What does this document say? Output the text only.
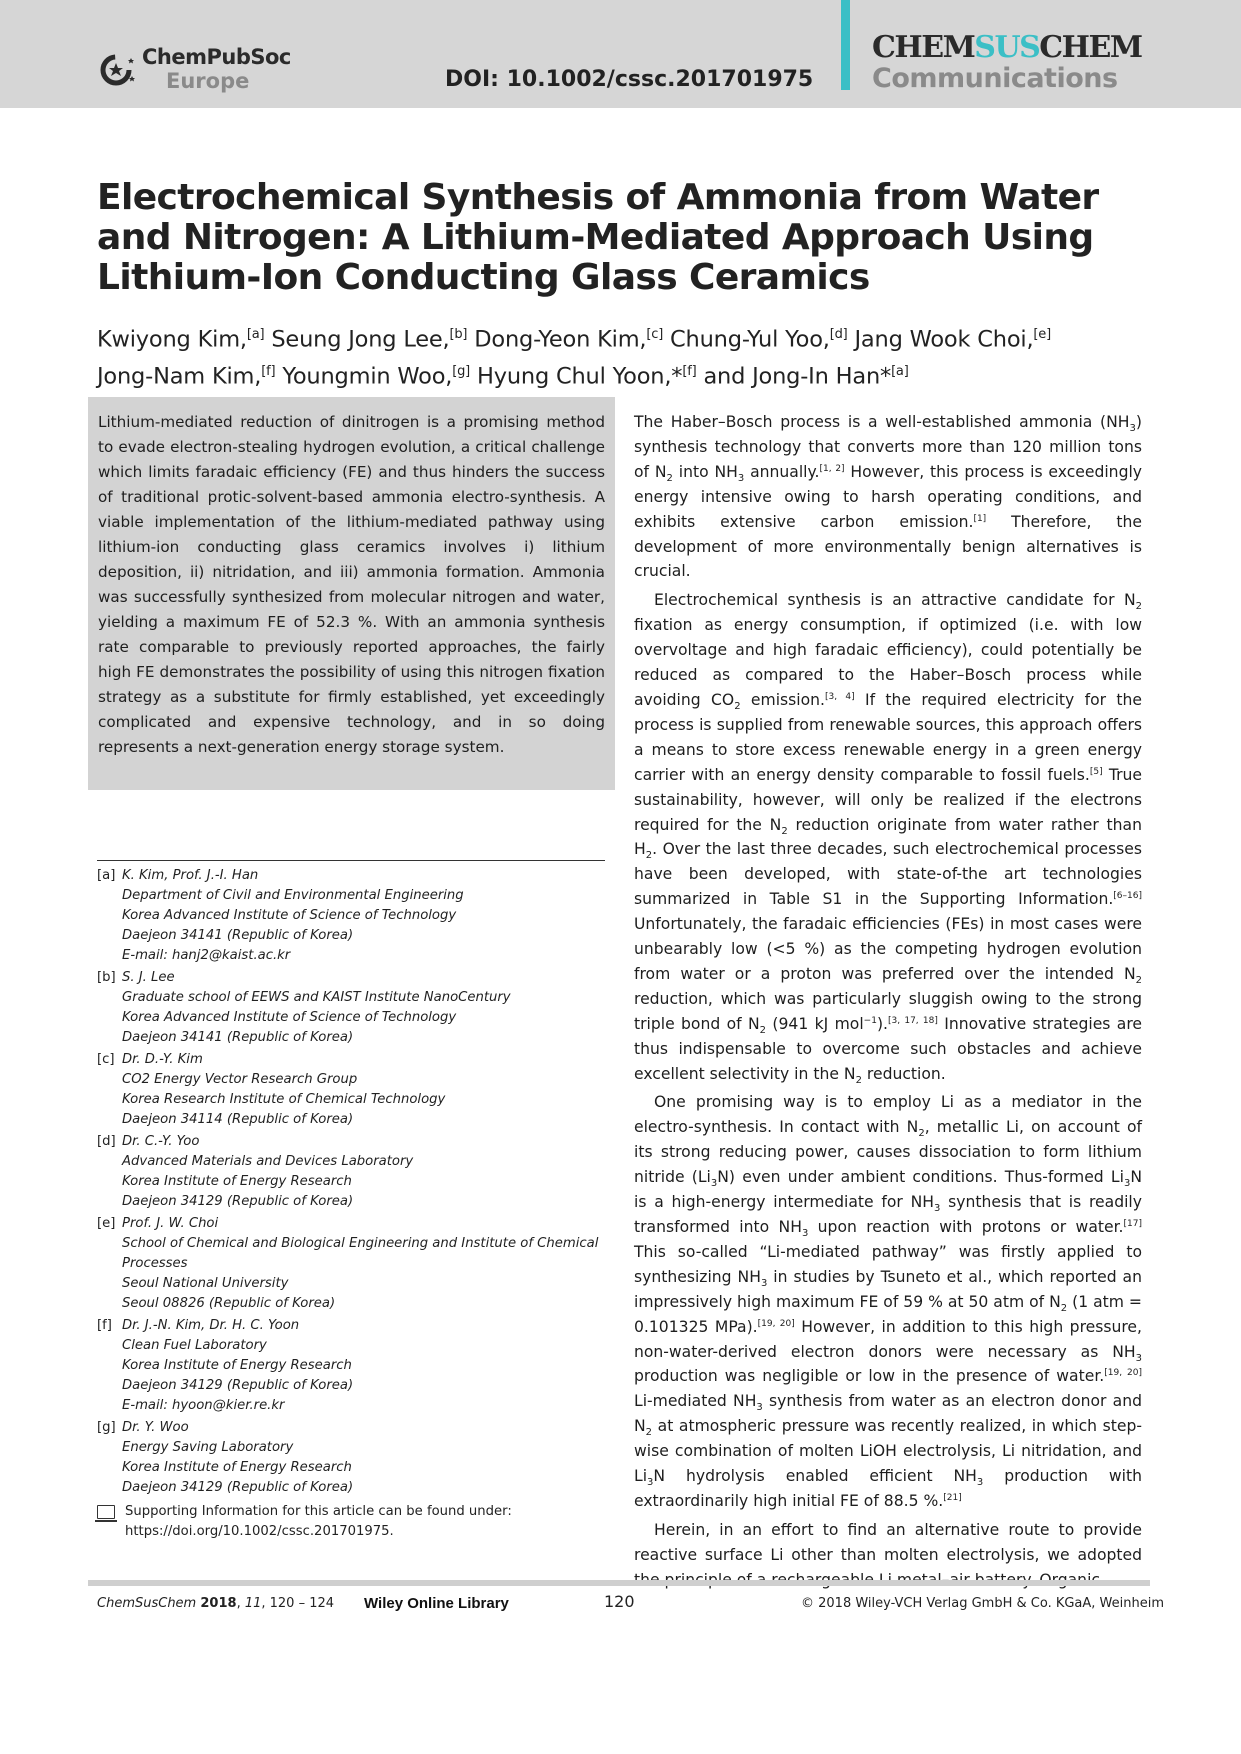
ChemPubSoc
Europe	DOI: 10.1002/cssc.201701975
CHEMSUSCHEM
Communications
Electrochemical Synthesis of Ammonia from Water and Nitrogen: A Lithium-Mediated Approach Using Lithium-Ion Conducting Glass Ceramics
Kwiyong Kim,[a] Seung Jong Lee,[b] Dong-Yeon Kim,[c] Chung-Yul Yoo,[d] Jang Wook Choi,[e]
Jong-Nam Kim,[f] Youngmin Woo,[g] Hyung Chul Yoon,*[f] and Jong-In Han*[a]
Lithium-mediated reduction of dinitrogen is a promising method to evade electron-stealing hydrogen evolution, a critical challenge which limits faradaic efficiency (FE) and thus hinders the success of traditional protic-solvent-based ammonia electro-synthesis. A viable implementation of the lithium-mediated pathway using lithium-ion conducting glass ceramics involves i) lithium deposition, ii) nitridation, and iii) ammonia formation. Ammonia was successfully synthesized from molecular nitrogen and water, yielding a maximum FE of 52.3 %. With an ammonia synthesis rate comparable to previously reported approaches, the fairly high FE demonstrates the possibility of using this nitrogen fixation strategy as a substitute for firmly established, yet exceedingly complicated and expensive technology, and in so doing represents a next-generation energy storage system.
[a] K. Kim, Prof. J.-I. Han
Department of Civil and Environmental Engineering
Korea Advanced Institute of Science of Technology
Daejeon 34141 (Republic of Korea)
E-mail: hanj2@kaist.ac.kr
[b] S. J. Lee
Graduate school of EEWS and KAIST Institute NanoCentury
Korea Advanced Institute of Science of Technology
Daejeon 34141 (Republic of Korea)
[c] Dr. D.-Y. Kim
CO2 Energy Vector Research Group
Korea Research Institute of Chemical Technology
Daejeon 34114 (Republic of Korea)
[d] Dr. C.-Y. Yoo
Advanced Materials and Devices Laboratory
Korea Institute of Energy Research
Daejeon 34129 (Republic of Korea)
[e] Prof. J. W. Choi
School of Chemical and Biological Engineering and Institute of Chemical Processes
Seoul National University
Seoul 08826 (Republic of Korea)
[f] Dr. J.-N. Kim, Dr. H. C. Yoon
Clean Fuel Laboratory
Korea Institute of Energy Research
Daejeon 34129 (Republic of Korea)
E-mail: hyoon@kier.re.kr
[g] Dr. Y. Woo
Energy Saving Laboratory
Korea Institute of Energy Research
Daejeon 34129 (Republic of Korea)
Supporting Information for this article can be found under:
https://doi.org/10.1002/cssc.201701975.

The Haber–Bosch process is a well-established ammonia $(NH_3)$ synthesis technology that converts more than 120 million tons of $N_2$ into $NH_3$ annually.[1, 2] However, this process is exceedingly energy intensive owing to harsh operating conditions, and exhibits extensive carbon emission.[1] Therefore, the development of more environmentally benign alternatives is crucial.

Electrochemical synthesis is an attractive candidate for $N_2$ fixation as energy consumption, if optimized (i.e. with low overvoltage and high faradaic efficiency), could potentially be reduced as compared to the Haber–Bosch process while avoiding $CO_2$ emission.[3, 4] If the required electricity for the process is supplied from renewable sources, this approach offers a means to store excess renewable energy in a green energy carrier with an energy density comparable to fossil fuels.[5] True sustainability, however, will only be realized if the electrons required for the $N_2$ reduction originate from water rather than $H_2$. Over the last three decades, such electrochemical processes have been developed, with state-of-the art technologies summarized in Table S1 in the Supporting Information.[6–16] Unfortunately, the faradaic efficiencies (FEs) in most cases were unbearably low (<5 %) as the competing hydrogen evolution from water or a proton was preferred over the intended $N_2$ reduction, which was particularly sluggish owing to the strong triple bond of $N_2$ (941 kJ mol$^{-1}$).[3, 17, 18] Innovative strategies are thus indispensable to overcome such obstacles and achieve excellent selectivity in the $N_2$ reduction.

One promising way is to employ Li as a mediator in the electro-synthesis. In contact with $N_2$, metallic Li, on account of its strong reducing power, causes dissociation to form lithium nitride $(Li_3N)$ even under ambient conditions. Thus-formed $Li_3N$ is a high-energy intermediate for $NH_3$ synthesis that is readily transformed into $NH_3$ upon reaction with protons or water.[17] This so-called “Li-mediated pathway” was firstly applied to synthesizing $NH_3$ in studies by Tsuneto et al., which reported an impressively high maximum FE of 59 % at 50 atm of $N_2$ (1 atm = 0.101325 MPa).[19, 20] However, in addition to this high pressure, non-water-derived electron donors were necessary as $NH_3$ production was negligible or low in the presence of water.[19, 20] Li-mediated $NH_3$ synthesis from water as an electron donor and $N_2$ at atmospheric pressure was recently realized, in which step-wise combination of molten LiOH electrolysis, Li nitridation, and $Li_3N$ hydrolysis enabled efficient $NH_3$ production with extraordinarily high initial FE of 88.5 %.[21]

Herein, in an effort to find an alternative route to provide reactive surface Li other than molten electrolysis, we adopted

ChemSusChem 2018, 11, 120 – 124 Wiley Online Library	120	© 2018 Wiley-VCH Verlag GmbH & Co. KGaA, Weinheim
